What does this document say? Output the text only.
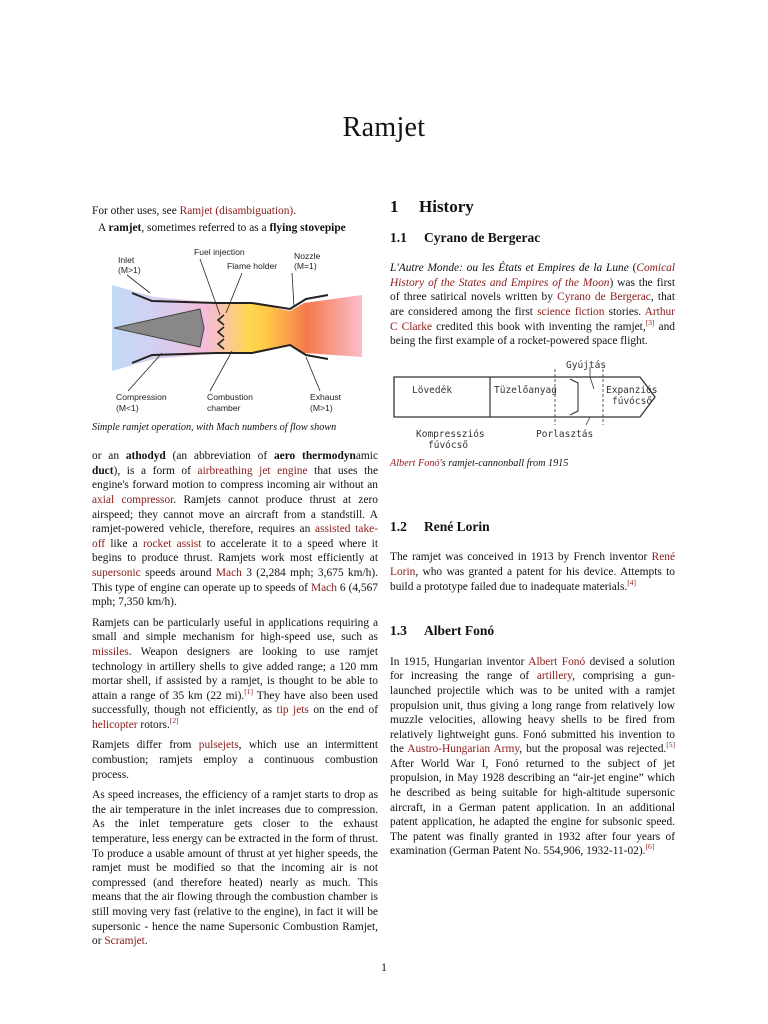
Ramjet

For other uses, see Ramjet (disambiguation).

A ramjet, sometimes referred to as a flying stovepipe

Inlet
(M>1)
Fuel injection
Flame holder
Nozzle
(M=1)
Compression
(M<1)
Combustion
chamber
Exhaust
(M>1)
Simple ramjet operation, with Mach numbers of flow shown

or an athodyd (an abbreviation of aero thermodynamic duct), is a form of airbreathing jet engine that uses the engine's forward motion to compress incoming air without an axial compressor. Ramjets cannot produce thrust at zero airspeed; they cannot move an aircraft from a standstill. A ramjet-powered vehicle, therefore, requires an assisted take-off like a rocket assist to accelerate it to a speed where it begins to produce thrust. Ramjets work most efficiently at supersonic speeds around Mach 3 (2,284 mph; 3,675 km/h). This type of engine can operate up to speeds of Mach 6 (4,567 mph; 7,350 km/h).

Ramjets can be particularly useful in applications requiring a small and simple mechanism for high-speed use, such as missiles. Weapon designers are looking to use ramjet technology in artillery shells to give added range; a 120 mm mortar shell, if assisted by a ramjet, is thought to be able to attain a range of 35 km (22 mi).[1] They have also been used successfully, though not efficiently, as tip jets on the end of helicopter rotors.[2]

Ramjets differ from pulsejets, which use an intermittent combustion; ramjets employ a continuous combustion process.

As speed increases, the efficiency of a ramjet starts to drop as the air temperature in the inlet increases due to compression. As the inlet temperature gets closer to the exhaust temperature, less energy can be extracted in the form of thrust. To produce a usable amount of thrust at yet higher speeds, the ramjet must be modified so that the incoming air is not compressed (and therefore heated) nearly as much. This means that the air flowing through the combustion chamber is still moving very fast (relative to the engine), in fact it will be supersonic - hence the name Supersonic Combustion Ramjet, or Scramjet.

1 History
1.1 Cyrano de Bergerac

L'Autre Monde: ou les États et Empires de la Lune (Comical History of the States and Empires of the Moon) was the first of three satirical novels written by Cyrano de Bergerac, that are considered among the first science fiction stories. Arthur C Clarke credited this book with inventing the ramjet,[3] and being the first example of a rocket-powered space flight.

Gyújtás
Lövedék	Tüzelőanyag	Expanziós
fúvócső
Kompressziós
fúvócső
Porlasztás
Albert Fonó's ramjet-cannonball from 1915
1.2 René Lorin

The ramjet was conceived in 1913 by French inventor René Lorin, who was granted a patent for his device. Attempts to build a prototype failed due to inadequate materials.[4]

1.3 Albert Fonó

In 1915, Hungarian inventor Albert Fonó devised a solution for increasing the range of artillery, comprising a gun-launched projectile which was to be united with a ramjet propulsion unit, thus giving a long range from relatively low muzzle velocities, allowing heavy shells to be fired from relatively lightweight guns. Fonó submitted his invention to the Austro-Hungarian Army, but the proposal was rejected.[5] After World War I, Fonó returned to the subject of jet propulsion, in May 1928 describing an “air-jet engine” which he described as being suitable for high-altitude supersonic aircraft, in a German patent application. In an additional patent application, he adapted the engine for subsonic speed. The patent was finally granted in 1932 after four years of examination (German Patent No. 554,906, 1932-11-02).[6]

1
